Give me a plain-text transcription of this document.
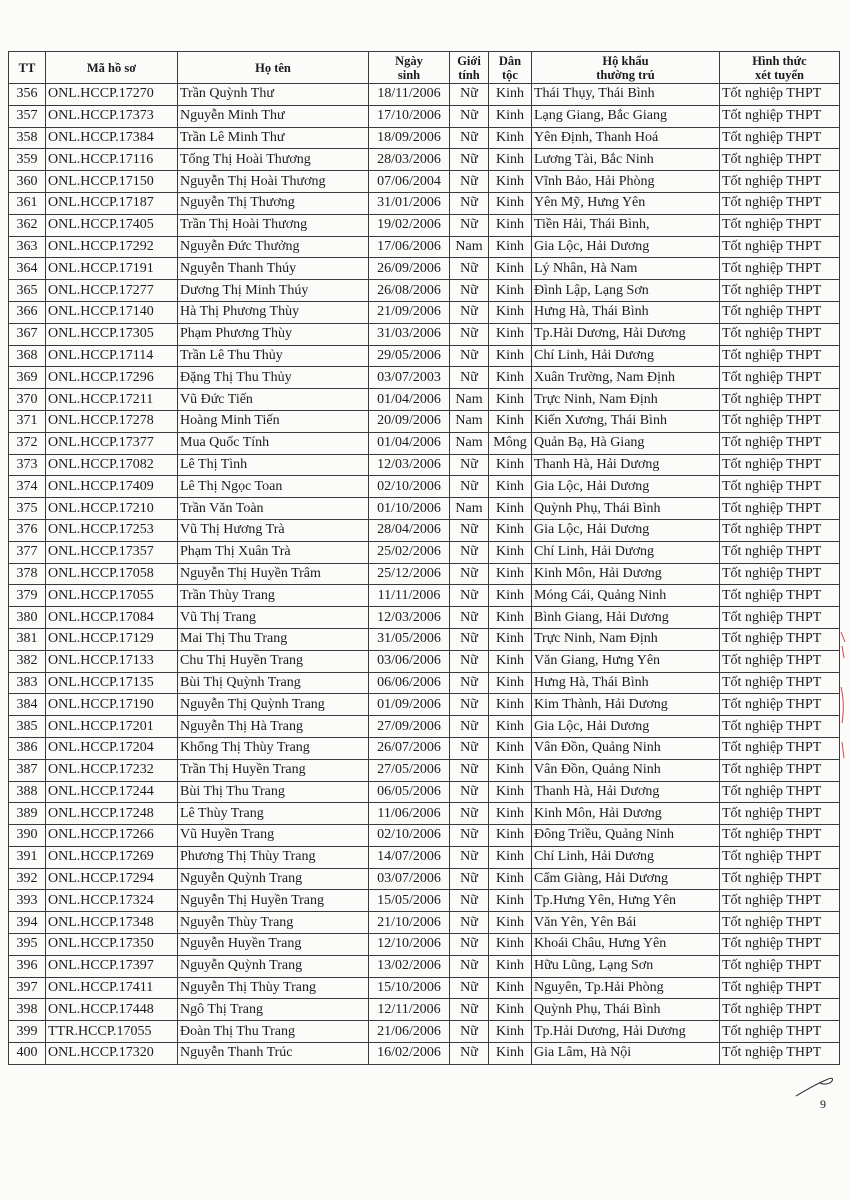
TT	Mã hồ sơ	Họ tên	Ngày
sinh	Giới
tính	Dân
tộc	Hộ khẩu
thường trú	Hình thức
xét tuyển

356	ONL.HCCP.17270	Trần Quỳnh Thư	18/11/2006	Nữ	Kinh	Thái Thụy, Thái Bình	Tốt nghiệp THPT
357	ONL.HCCP.17373	Nguyễn Minh Thư	17/10/2006	Nữ	Kinh	Lạng Giang, Bắc Giang	Tốt nghiệp THPT
358	ONL.HCCP.17384	Trần Lê Minh Thư	18/09/2006	Nữ	Kinh	Yên Định, Thanh Hoá	Tốt nghiệp THPT
359	ONL.HCCP.17116	Tống Thị Hoài Thương	28/03/2006	Nữ	Kinh	Lương Tài, Bắc Ninh	Tốt nghiệp THPT
360	ONL.HCCP.17150	Nguyễn Thị Hoài Thương	07/06/2004	Nữ	Kinh	Vĩnh Bảo, Hải Phòng	Tốt nghiệp THPT
361	ONL.HCCP.17187	Nguyễn Thị Thương	31/01/2006	Nữ	Kinh	Yên Mỹ, Hưng Yên	Tốt nghiệp THPT
362	ONL.HCCP.17405	Trần Thị Hoài Thương	19/02/2006	Nữ	Kinh	Tiền Hải, Thái Bình,	Tốt nghiệp THPT
363	ONL.HCCP.17292	Nguyễn Đức Thưởng	17/06/2006	Nam	Kinh	Gia Lộc, Hải Dương	Tốt nghiệp THPT
364	ONL.HCCP.17191	Nguyễn Thanh Thúy	26/09/2006	Nữ	Kinh	Lý Nhân, Hà Nam	Tốt nghiệp THPT
365	ONL.HCCP.17277	Dương Thị Minh Thúy	26/08/2006	Nữ	Kinh	Đình Lập, Lạng Sơn	Tốt nghiệp THPT
366	ONL.HCCP.17140	Hà Thị Phương Thùy	21/09/2006	Nữ	Kinh	Hưng Hà, Thái Bình	Tốt nghiệp THPT
367	ONL.HCCP.17305	Phạm Phương Thùy	31/03/2006	Nữ	Kinh	Tp.Hải Dương, Hải Dương	Tốt nghiệp THPT
368	ONL.HCCP.17114	Trần Lê Thu Thủy	29/05/2006	Nữ	Kinh	Chí Linh, Hải Dương	Tốt nghiệp THPT
369	ONL.HCCP.17296	Đặng Thị Thu Thủy	03/07/2003	Nữ	Kinh	Xuân Trường, Nam Định	Tốt nghiệp THPT
370	ONL.HCCP.17211	Vũ Đức Tiến	01/04/2006	Nam	Kinh	Trực Ninh, Nam Định	Tốt nghiệp THPT
371	ONL.HCCP.17278	Hoàng Minh Tiến	20/09/2006	Nam	Kinh	Kiến Xương, Thái Bình	Tốt nghiệp THPT
372	ONL.HCCP.17377	Mua Quốc Tính	01/04/2006	Nam	Mông	Quản Bạ, Hà Giang	Tốt nghiệp THPT
373	ONL.HCCP.17082	Lê Thị Tình	12/03/2006	Nữ	Kinh	Thanh Hà, Hải Dương	Tốt nghiệp THPT
374	ONL.HCCP.17409	Lê Thị Ngọc Toan	02/10/2006	Nữ	Kinh	Gia Lộc, Hải Dương	Tốt nghiệp THPT
375	ONL.HCCP.17210	Trần Văn Toàn	01/10/2006	Nam	Kinh	Quỳnh Phụ, Thái Bình	Tốt nghiệp THPT
376	ONL.HCCP.17253	Vũ Thị Hương Trà	28/04/2006	Nữ	Kinh	Gia Lộc, Hải Dương	Tốt nghiệp THPT
377	ONL.HCCP.17357	Phạm Thị Xuân Trà	25/02/2006	Nữ	Kinh	Chí Linh, Hải Dương	Tốt nghiệp THPT
378	ONL.HCCP.17058	Nguyễn Thị Huyền Trâm	25/12/2006	Nữ	Kinh	Kinh Môn, Hải Dương	Tốt nghiệp THPT
379	ONL.HCCP.17055	Trần Thùy Trang	11/11/2006	Nữ	Kinh	Móng Cái, Quảng Ninh	Tốt nghiệp THPT
380	ONL.HCCP.17084	Vũ Thị Trang	12/03/2006	Nữ	Kinh	Bình Giang, Hải Dương	Tốt nghiệp THPT
381	ONL.HCCP.17129	Mai Thị Thu Trang	31/05/2006	Nữ	Kinh	Trực Ninh, Nam Định	Tốt nghiệp THPT
382	ONL.HCCP.17133	Chu Thị Huyền Trang	03/06/2006	Nữ	Kinh	Văn Giang, Hưng Yên	Tốt nghiệp THPT
383	ONL.HCCP.17135	Bùi Thị Quỳnh Trang	06/06/2006	Nữ	Kinh	Hưng Hà, Thái Bình	Tốt nghiệp THPT
384	ONL.HCCP.17190	Nguyễn Thị Quỳnh Trang	01/09/2006	Nữ	Kinh	Kim Thành, Hải Dương	Tốt nghiệp THPT
385	ONL.HCCP.17201	Nguyễn Thị Hà Trang	27/09/2006	Nữ	Kinh	Gia Lộc, Hải Dương	Tốt nghiệp THPT
386	ONL.HCCP.17204	Khổng Thị Thùy Trang	26/07/2006	Nữ	Kinh	Vân Đồn, Quảng Ninh	Tốt nghiệp THPT
387	ONL.HCCP.17232	Trần Thị Huyền Trang	27/05/2006	Nữ	Kinh	Vân Đồn, Quảng Ninh	Tốt nghiệp THPT
388	ONL.HCCP.17244	Bùi Thị Thu Trang	06/05/2006	Nữ	Kinh	Thanh Hà, Hải Dương	Tốt nghiệp THPT
389	ONL.HCCP.17248	Lê Thùy Trang	11/06/2006	Nữ	Kinh	Kinh Môn, Hải Dương	Tốt nghiệp THPT
390	ONL.HCCP.17266	Vũ Huyền Trang	02/10/2006	Nữ	Kinh	Đông Triều, Quảng Ninh	Tốt nghiệp THPT
391	ONL.HCCP.17269	Phương Thị Thùy Trang	14/07/2006	Nữ	Kinh	Chí Linh, Hải Dương	Tốt nghiệp THPT
392	ONL.HCCP.17294	Nguyễn Quỳnh Trang	03/07/2006	Nữ	Kinh	Cẩm Giàng, Hải Dương	Tốt nghiệp THPT
393	ONL.HCCP.17324	Nguyễn Thị Huyền Trang	15/05/2006	Nữ	Kinh	Tp.Hưng Yên, Hưng Yên	Tốt nghiệp THPT
394	ONL.HCCP.17348	Nguyễn Thùy Trang	21/10/2006	Nữ	Kinh	Văn Yên, Yên Bái	Tốt nghiệp THPT
395	ONL.HCCP.17350	Nguyễn Huyền Trang	12/10/2006	Nữ	Kinh	Khoái Châu, Hưng Yên	Tốt nghiệp THPT
396	ONL.HCCP.17397	Nguyễn Quỳnh Trang	13/02/2006	Nữ	Kinh	Hữu Lũng, Lạng Sơn	Tốt nghiệp THPT
397	ONL.HCCP.17411	Nguyễn Thị Thùy Trang	15/10/2006	Nữ	Kinh	Nguyên, Tp.Hải Phòng	Tốt nghiệp THPT
398	ONL.HCCP.17448	Ngô Thị Trang	12/11/2006	Nữ	Kinh	Quỳnh Phụ, Thái Bình	Tốt nghiệp THPT
399	TTR.HCCP.17055	Đoàn Thị Thu Trang	21/06/2006	Nữ	Kinh	Tp.Hải Dương, Hải Dương	Tốt nghiệp THPT
400	ONL.HCCP.17320	Nguyễn Thanh Trúc	16/02/2006	Nữ	Kinh	Gia Lâm, Hà Nội	Tốt nghiệp THPT
9
